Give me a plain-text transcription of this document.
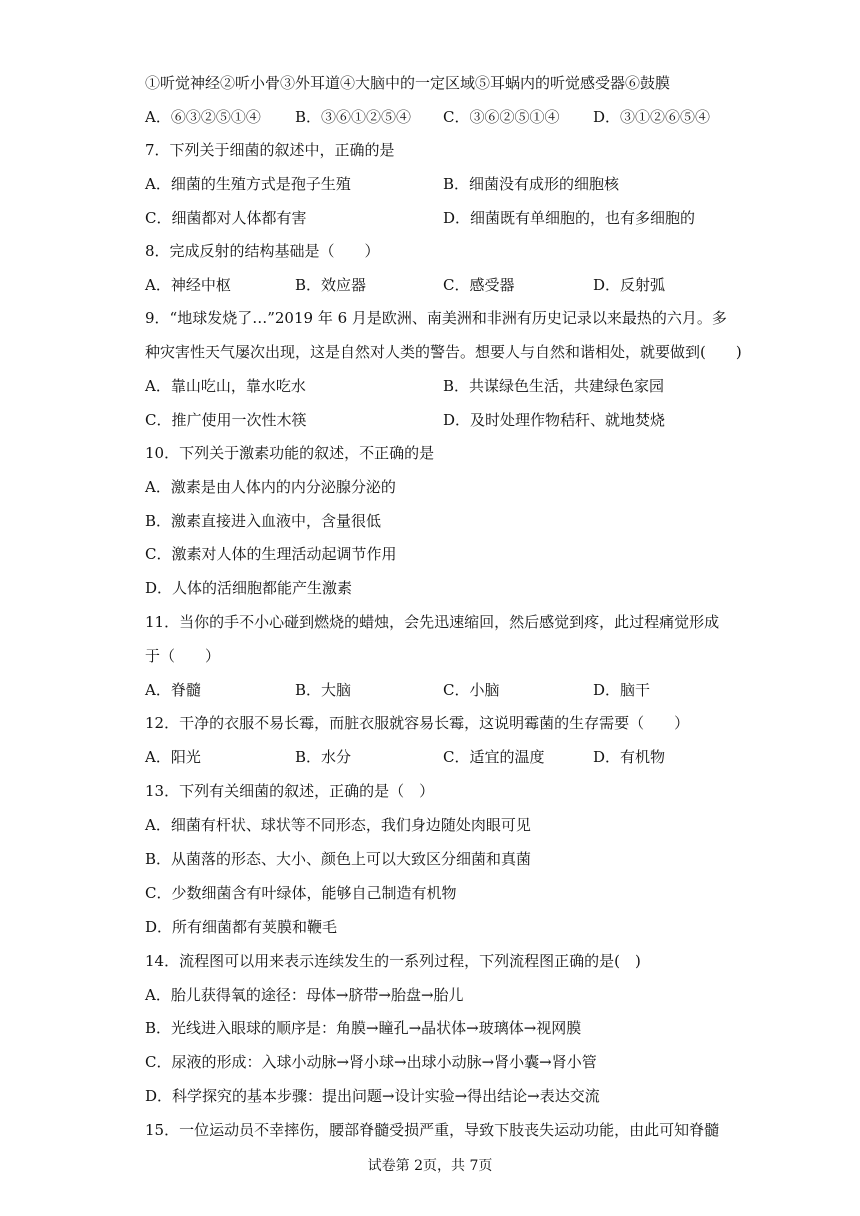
①听觉神经②听小骨③外耳道④大脑中的一定区域⑤耳蜗内的听觉感受器⑥鼓膜
A．⑥③②⑤①④ B．③⑥①②⑤④ C．③⑥②⑤①④ D．③①②⑥⑤④
7．下列关于细菌的叙述中，正确的是
A．细菌的生殖方式是孢子生殖	B．细菌没有成形的细胞核
C．细菌都对人体都有害	D．细菌既有单细胞的，也有多细胞的
8．完成反射的结构基础是（　　）
A．神经中枢	B．效应器	C．感受器	D．反射弧
9．“地球发烧了…”2019 年 6 月是欧洲、南美洲和非洲有历史记录以来最热的六月。多
种灾害性天气屡次出现，这是自然对人类的警告。想要人与自然和谐相处，就要做到(　　)
A．靠山吃山，靠水吃水	B．共谋绿色生活，共建绿色家园
C．推广使用一次性木筷	D．及时处理作物秸秆、就地焚烧
10．下列关于激素功能的叙述，不正确的是
A．激素是由人体内的内分泌腺分泌的
B．激素直接进入血液中，含量很低
C．激素对人体的生理活动起调节作用
D．人体的活细胞都能产生激素
11．当你的手不小心碰到燃烧的蜡烛，会先迅速缩回，然后感觉到疼，此过程痛觉形成
于（　　）
A．脊髓	B．大脑	C．小脑	D．脑干
12．干净的衣服不易长霉，而脏衣服就容易长霉，这说明霉菌的生存需要（　　）
A．阳光	B．水分	C．适宜的温度	D．有机物
13．下列有关细菌的叙述，正确的是（　）
A．细菌有杆状、球状等不同形态，我们身边随处肉眼可见
B．从菌落的形态、大小、颜色上可以大致区分细菌和真菌
C．少数细菌含有叶绿体，能够自己制造有机物
D．所有细菌都有荚膜和鞭毛
14．流程图可以用来表示连续发生的一系列过程，下列流程图正确的是(　)
A．胎儿获得氧的途径：母体→脐带→胎盘→胎儿
B．光线进入眼球的顺序是：角膜→瞳孔→晶状体→玻璃体→视网膜
C．尿液的形成：入球小动脉→肾小球→出球小动脉→肾小囊→肾小管
D．科学探究的基本步骤：提出问题→设计实验→得出结论→表达交流
15．一位运动员不幸摔伤，腰部脊髓受损严重，导致下肢丧失运动功能，由此可知脊髓
试卷第 2页，共 7页
